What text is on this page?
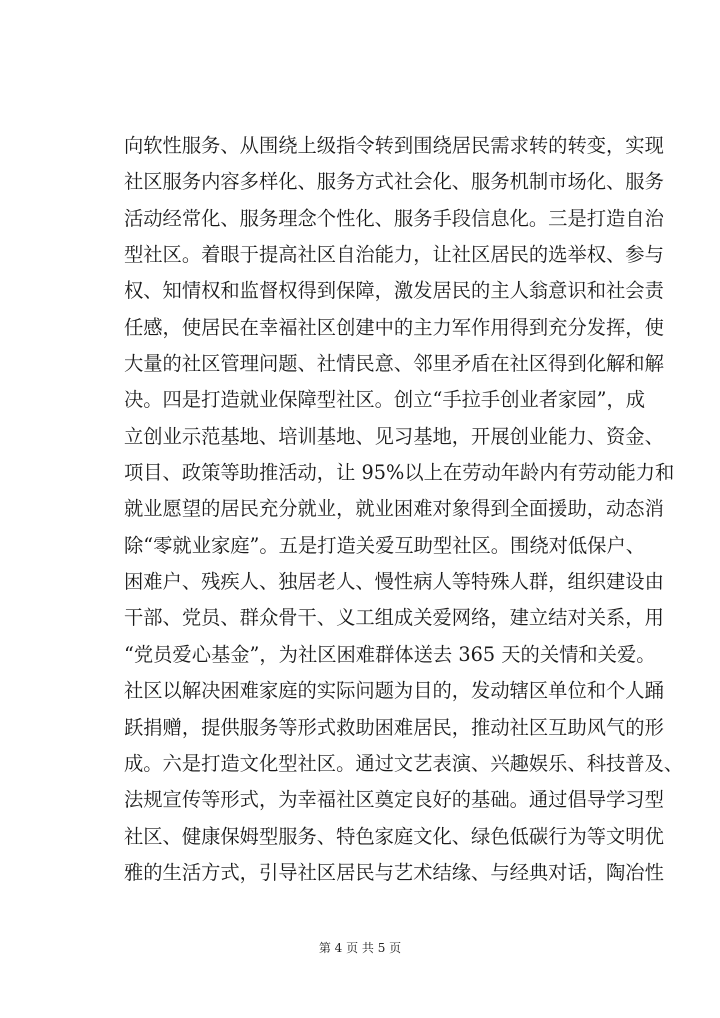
向软性服务、从围绕上级指令转到围绕居民需求转的转变，实现
社区服务内容多样化、服务方式社会化、服务机制市场化、服务
活动经常化、服务理念个性化、服务手段信息化。三是打造自治
型社区。着眼于提高社区自治能力，让社区居民的选举权、参与
权、知情权和监督权得到保障，激发居民的主人翁意识和社会责
任感，使居民在幸福社区创建中的主力军作用得到充分发挥，使
大量的社区管理问题、社情民意、邻里矛盾在社区得到化解和解
决。四是打造就业保障型社区。创立“手拉手创业者家园”，成
立创业示范基地、培训基地、见习基地，开展创业能力、资金、
项目、政策等助推活动，让 95%以上在劳动年龄内有劳动能力和
就业愿望的居民充分就业，就业困难对象得到全面援助，动态消
除“零就业家庭”。五是打造关爱互助型社区。围绕对低保户、
困难户、残疾人、独居老人、慢性病人等特殊人群，组织建设由
干部、党员、群众骨干、义工组成关爱网络，建立结对关系，用
“党员爱心基金”，为社区困难群体送去 365 天的关情和关爱。
社区以解决困难家庭的实际问题为目的，发动辖区单位和个人踊
跃捐赠，提供服务等形式救助困难居民，推动社区互助风气的形
成。六是打造文化型社区。通过文艺表演、兴趣娱乐、科技普及、
法规宣传等形式，为幸福社区奠定良好的基础。通过倡导学习型
社区、健康保姆型服务、特色家庭文化、绿色低碳行为等文明优
雅的生活方式，引导社区居民与艺术结缘、与经典对话，陶冶性
第 4 页 共 5 页
